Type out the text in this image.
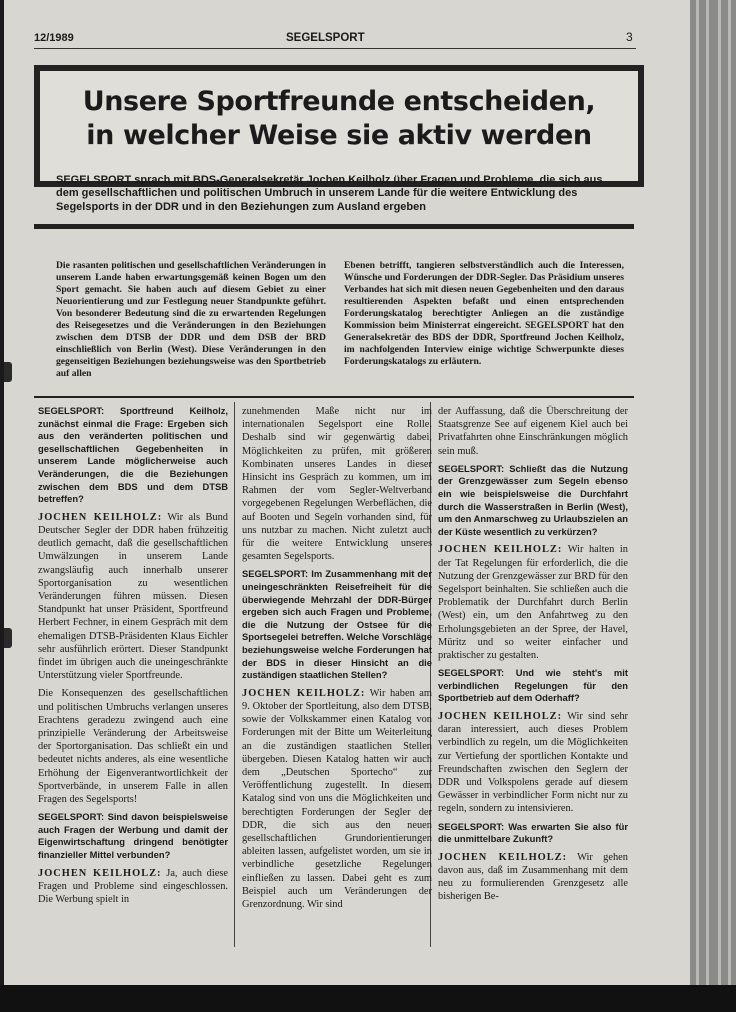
12/1989	SEGELSPORT	3
Unsere Sportfreunde entscheiden,
in welcher Weise sie aktiv werden
SEGELSPORT sprach mit BDS-Generalsekretär Jochen Keilholz über Fragen und Probleme, die sich aus dem gesellschaftlichen und politischen Umbruch in unserem Lande für die weitere Entwicklung des Segelsports in der DDR und in den Beziehungen zum Ausland ergeben
Die rasanten politischen und gesellschaftlichen Veränderungen in unserem Lande haben erwartungsgemäß keinen Bogen um den Sport gemacht. Sie haben auch auf diesem Gebiet zu einer Neuorientierung und zur Festlegung neuer Standpunkte geführt. Von besonderer Bedeutung sind die zu erwartenden Regelungen des Reisegesetzes und die Veränderungen in den Beziehungen zwischen dem DTSB der DDR und dem DSB der BRD einschließlich von Berlin (West). Diese Veränderungen in den gegenseitigen Beziehungen beziehungsweise was den Sportbetrieb auf allen
Ebenen betrifft, tangieren selbstverständlich auch die Interessen, Wünsche und Forderungen der DDR-Segler. Das Präsidium unseres Verbandes hat sich mit diesen neuen Gegebenheiten und den daraus resultierenden Aspekten befaßt und einen entsprechenden Forderungskatalog berechtigter Anliegen an die zuständige Kommission beim Ministerrat eingereicht. SEGELSPORT hat den Generalsekretär des BDS der DDR, Sportfreund Jochen Keilholz, im nachfolgenden Interview einige wichtige Schwerpunkte dieses Forderungskatalogs zu erläutern.

SEGELSPORT: Sportfreund Keilholz, zunächst einmal die Frage: Ergeben sich aus den veränderten politischen und gesellschaftlichen Gegebenheiten in unserem Lande möglicherweise auch Veränderungen, die die Beziehungen zwischen dem BDS und dem DTSB betreffen?

JOCHEN KEILHOLZ: Wir als Bund Deutscher Segler der DDR haben frühzeitig deutlich gemacht, daß die gesellschaftlichen Umwälzungen in unserem Lande zwangsläufig auch innerhalb unserer Sportorganisation zu wesentlichen Veränderungen führen müssen. Diesen Standpunkt hat unser Präsident, Sportfreund Herbert Fechner, in einem Gespräch mit dem ehemaligen DTSB-Präsidenten Klaus Eichler sehr ausführlich erörtert. Dieser Standpunkt findet im übrigen auch die uneingeschränkte Unterstützung vieler Sportfreunde.

Die Konsequenzen des gesellschaftlichen und politischen Umbruchs verlangen unseres Erachtens geradezu zwingend auch eine prinzipielle Veränderung der Arbeitsweise der Sportorganisation. Das schließt ein und bedeutet nichts anderes, als eine wesentliche Erhöhung der Eigenverantwortlichkeit der Sportverbände, in unserem Falle in allen Fragen des Segelsports!

SEGELSPORT: Sind davon beispielsweise auch Fragen der Werbung und damit der Eigenwirtschaftung dringend benötigter finanzieller Mittel verbunden?

JOCHEN KEILHOLZ: Ja, auch diese Fragen und Probleme sind eingeschlossen. Die Werbung spielt in

zunehmenden Maße nicht nur im internationalen Segelsport eine Rolle. Deshalb sind wir gegenwärtig dabei, Möglichkeiten zu prüfen, mit größeren Kombinaten unseres Landes in dieser Hinsicht ins Gespräch zu kommen, um im Rahmen der vom Segler-Weltverband vorgegebenen Regelungen Werbeflächen, die auf Booten und Segeln vorhanden sind, für uns nutzbar zu machen. Nicht zuletzt auch für die weitere Entwicklung unseres gesamten Segelsports.

SEGELSPORT: Im Zusammenhang mit der uneingeschränkten Reisefreiheit für die überwiegende Mehrzahl der DDR-Bürger ergeben sich auch Fragen und Probleme, die die Nutzung der Ostsee für die Sportsegelei betreffen. Welche Vorschläge beziehungsweise welche Forderungen hat der BDS in dieser Hinsicht an die zuständigen staatlichen Stellen?

JOCHEN KEILHOLZ: Wir haben am 9. Oktober der Sportleitung, also dem DTSB, sowie der Volkskammer einen Katalog von Forderungen mit der Bitte um Weiterleitung an die zuständigen staatlichen Stellen übergeben. Diesen Katalog hatten wir auch dem „Deutschen Sportecho“ zur Veröffentlichung zugestellt. In diesem Katalog sind von uns die Möglichkeiten und berechtigten Forderungen der Segler der DDR, die sich aus den neuen gesellschaftlichen Grundorientierungen ableiten lassen, aufgelistet worden, um sie in verbindliche gesetzliche Regelungen einfließen zu lassen. Dabei geht es zum Beispiel auch um Veränderungen der Grenzordnung. Wir sind

der Auffassung, daß die Überschreitung der Staatsgrenze See auf eigenem Kiel auch bei Privatfahrten ohne Einschränkungen möglich sein muß.

SEGELSPORT: Schließt das die Nutzung der Grenzgewässer zum Segeln ebenso ein wie beispielsweise die Durchfahrt durch die Wasserstraßen in Berlin (West), um den Anmarschweg zu Urlaubszielen an der Küste wesentlich zu verkürzen?

JOCHEN KEILHOLZ: Wir halten in der Tat Regelungen für erforderlich, die die Nutzung der Grenzgewässer zur BRD für den Segelsport beinhalten. Sie schließen auch die Problematik der Durchfahrt durch Berlin (West) ein, um den Anfahrtweg zu den Erholungsgebieten an der Spree, der Havel, Müritz und so weiter einfacher und praktischer zu gestalten.

SEGELSPORT: Und wie steht's mit verbindlichen Regelungen für den Sportbetrieb auf dem Oderhaff?

JOCHEN KEILHOLZ: Wir sind sehr daran interessiert, auch dieses Problem verbindlich zu regeln, um die Möglichkeiten zur Vertiefung der sportlichen Kontakte und Freundschaften zwischen den Seglern der DDR und Volkspolens gerade auf diesem Gewässer in verbindlicher Form nicht nur zu regeln, sondern zu intensivieren.

SEGELSPORT: Was erwarten Sie also für die unmittelbare Zukunft?

JOCHEN KEILHOLZ: Wir gehen davon aus, daß im Zusammenhang mit dem neu zu formulierenden Grenzgesetz alle bisherigen Be-
